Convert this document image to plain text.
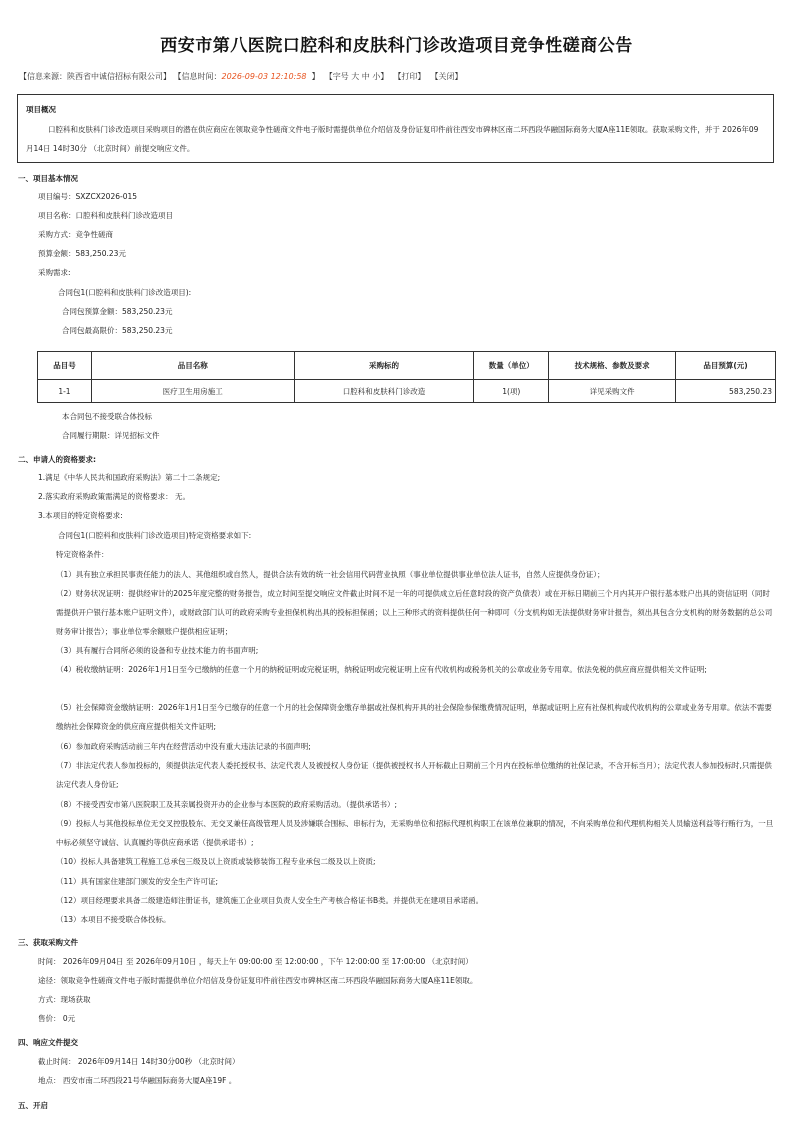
西安市第八医院口腔科和皮肤科门诊改造项目竞争性磋商公告
【信息来源：陕西省中诚信招标有限公司】 【信息时间：2026-09-03 12:10:58 】 【字号 大 中 小】 【打印】 【关闭】
项目概况

口腔科和皮肤科门诊改造项目采购项目的潜在供应商应在领取竞争性磋商文件电子版时需提供单位介绍信及身份证复印件前往西安市碑林区南二环西段华融国际商务大厦A座11E领取。获取采购文件，并于 2026年09月14日 14时30分 （北京时间）前提交响应文件。

一、项目基本情况
项目编号：SXZCX2026-015
项目名称：口腔科和皮肤科门诊改造项目
采购方式：竞争性磋商
预算金额：583,250.23元
采购需求:
合同包1(口腔科和皮肤科门诊改造项目):
合同包预算金额：583,250.23元
合同包最高限价：583,250.23元
品目号	品目名称	采购标的	数量（单位）	技术规格、参数及要求	品目预算(元)
1-1	医疗卫生用房施工	口腔科和皮肤科门诊改造	1(项)	详见采购文件	583,250.23
本合同包不接受联合体投标
合同履行期限：详见招标文件
二、申请人的资格要求:
1.满足《中华人民共和国政府采购法》第二十二条规定;
2.落实政府采购政策需满足的资格要求： 无。
3.本项目的特定资格要求:
合同包1(口腔科和皮肤科门诊改造项目)特定资格要求如下:
特定资格条件：
（1）具有独立承担民事责任能力的法人、其他组织或自然人，提供合法有效的统一社会信用代码营业执照（事业单位提供事业单位法人证书，自然人应提供身份证）；
（2）财务状况证明：提供经审计的2025年度完整的财务报告，成立时间至提交响应文件截止时间不足一年的可提供成立后任意时段的资产负债表）或在开标日期前三个月内其开户银行基本账户出具的资信证明（同时需提供开户银行基本账户证明文件），或财政部门认可的政府采购专业担保机构出具的投标担保函；以上三种形式的资料提供任何一种即可（分支机构如无法提供财务审计报告，须出具包含分支机构的财务数据的总公司财务审计报告）；事业单位零余额账户提供相应证明；
（3）具有履行合同所必须的设备和专业技术能力的书面声明;
（4）税收缴纳证明：2026年1月1日至今已缴纳的任意一个月的纳税证明或完税证明，纳税证明或完税证明上应有代收机构或税务机关的公章或业务专用章。依法免税的供应商应提供相关文件证明;
（5）社会保障资金缴纳证明：2026年1月1日至今已缴存的任意一个月的社会保障资金缴存单据或社保机构开具的社会保险参保缴费情况证明，单据或证明上应有社保机构或代收机构的公章或业务专用章。依法不需要缴纳社会保障资金的供应商应提供相关文件证明;
（6）参加政府采购活动前三年内在经营活动中没有重大违法记录的书面声明;
（7）非法定代表人参加投标的，须提供法定代表人委托授权书、法定代表人及被授权人身份证（提供被授权书人开标截止日期前三个月内在投标单位缴纳的社保记录，不含开标当月）；法定代表人参加投标时,只需提供法定代表人身份证;
（8）不接受西安市第八医院职工及其亲属投资开办的企业参与本医院的政府采购活动。（提供承诺书）;
（9）投标人与其他投标单位无交叉控股股东、无交叉兼任高级管理人员及涉嫌联合围标、串标行为，无采购单位和招标代理机构职工在该单位兼职的情况，不向采购单位和代理机构相关人员输送利益等行贿行为，一旦中标必须坚守诚信、认真履约等供应商承诺（提供承诺书）;
（10）投标人具备建筑工程施工总承包三级及以上资质或装修装饰工程专业承包二级及以上资质;
（11）具有国家住建部门颁发的安全生产许可证;
（12）项目经理要求具备二级建造师注册证书，建筑施工企业项目负责人安全生产考核合格证书B类。并提供无在建项目承诺函。
（13）本项目不接受联合体投标。
三、获取采购文件
时间： 2026年09月04日 至 2026年09月10日 ，每天上午 09:00:00 至 12:00:00 ，下午 12:00:00 至 17:00:00 （北京时间）
途径：领取竞争性磋商文件电子版时需提供单位介绍信及身份证复印件前往西安市碑林区南二环西段华融国际商务大厦A座11E领取。
方式：现场获取
售价： 0元
四、响应文件提交
截止时间： 2026年09月14日 14时30分00秒 （北京时间）
地点： 西安市南二环西段21号华融国际商务大厦A座19F 。
五、开启
